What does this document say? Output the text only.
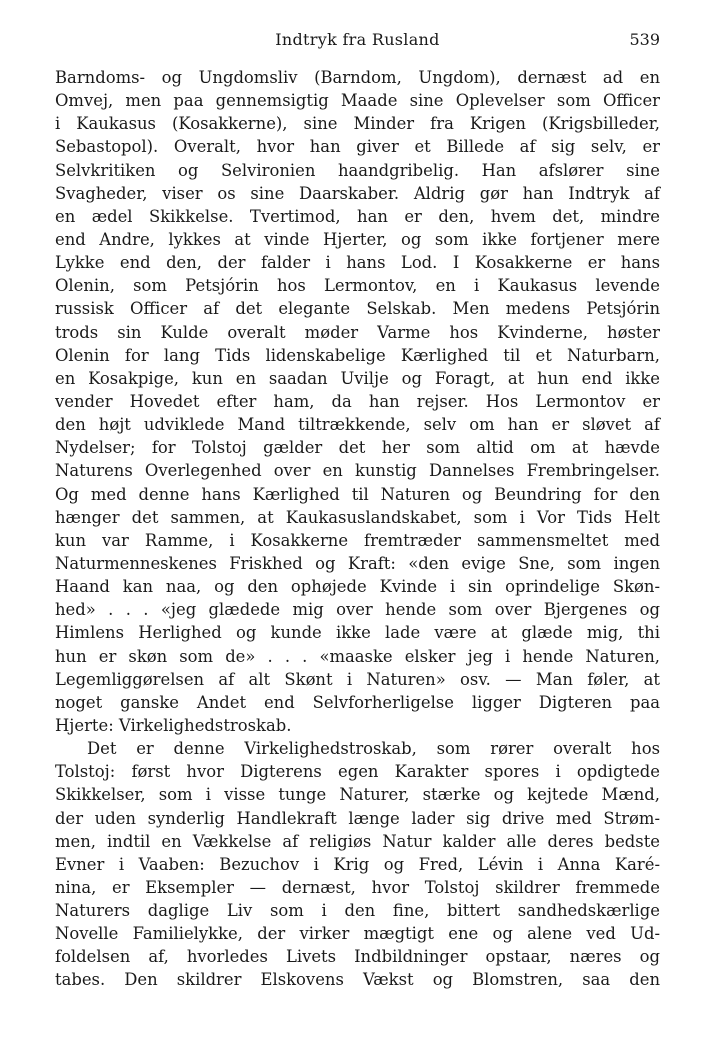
Indtryk fra Rusland	539
Barndoms- og Ungdomsliv (Barndom, Ungdom), dernæst ad en
Omvej, men paa gennemsigtig Maade sine Oplevelser som Officer
i Kaukasus (Kosakkerne), sine Minder fra Krigen (Krigsbilleder,
Sebastopol). Overalt, hvor han giver et Billede af sig selv, er
Selvkritiken og Selvironien haandgribelig. Han afslører sine
Svagheder, viser os sine Daarskaber. Aldrig gør han Indtryk af
en ædel Skikkelse. Tvertimod, han er den, hvem det, mindre
end Andre, lykkes at vinde Hjerter, og som ikke fortjener mere
Lykke end den, der falder i hans Lod. I Kosakkerne er hans
Olenin, som Petsjórin hos Lermontov, en i Kaukasus levende
russisk Officer af det elegante Selskab. Men medens Petsjórin
trods sin Kulde overalt møder Varme hos Kvinderne, høster
Olenin for lang Tids lidenskabelige Kærlighed til et Naturbarn,
en Kosakpige, kun en saadan Uvilje og Foragt, at hun end ikke
vender Hovedet efter ham, da han rejser. Hos Lermontov er
den højt udviklede Mand tiltrækkende, selv om han er sløvet af
Nydelser; for Tolstoj gælder det her som altid om at hævde
Naturens Overlegenhed over en kunstig Dannelses Frembringelser.
Og med denne hans Kærlighed til Naturen og Beundring for den
hænger det sammen, at Kaukasuslandskabet, som i Vor Tids Helt
kun var Ramme, i Kosakkerne fremtræder sammensmeltet med
Naturmenneskenes Friskhed og Kraft: «den evige Sne, som ingen
Haand kan naa, og den ophøjede Kvinde i sin oprindelige Skøn-
hed» . . . «jeg glædede mig over hende som over Bjergenes og
Himlens Herlighed og kunde ikke lade være at glæde mig, thi
hun er skøn som de» . . . «maaske elsker jeg i hende Naturen,
Legemliggørelsen af alt Skønt i Naturen» osv. — Man føler, at
noget ganske Andet end Selvforherligelse ligger Digteren paa
Hjerte: Virkelighedstroskab.
Det er denne Virkelighedstroskab, som rører overalt hos
Tolstoj: først hvor Digterens egen Karakter spores i opdigtede
Skikkelser, som i visse tunge Naturer, stærke og kejtede Mænd,
der uden synderlig Handlekraft længe lader sig drive med Strøm-
men, indtil en Vækkelse af religiøs Natur kalder alle deres bedste
Evner i Vaaben: Bezuchov i Krig og Fred, Lévin i Anna Karé-
nina, er Eksempler — dernæst, hvor Tolstoj skildrer fremmede
Naturers daglige Liv som i den fine, bittert sandhedskærlige
Novelle Familielykke, der virker mægtigt ene og alene ved Ud-
foldelsen af, hvorledes Livets Indbildninger opstaar, næres og
tabes. Den skildrer Elskovens Vækst og Blomstren, saa den
